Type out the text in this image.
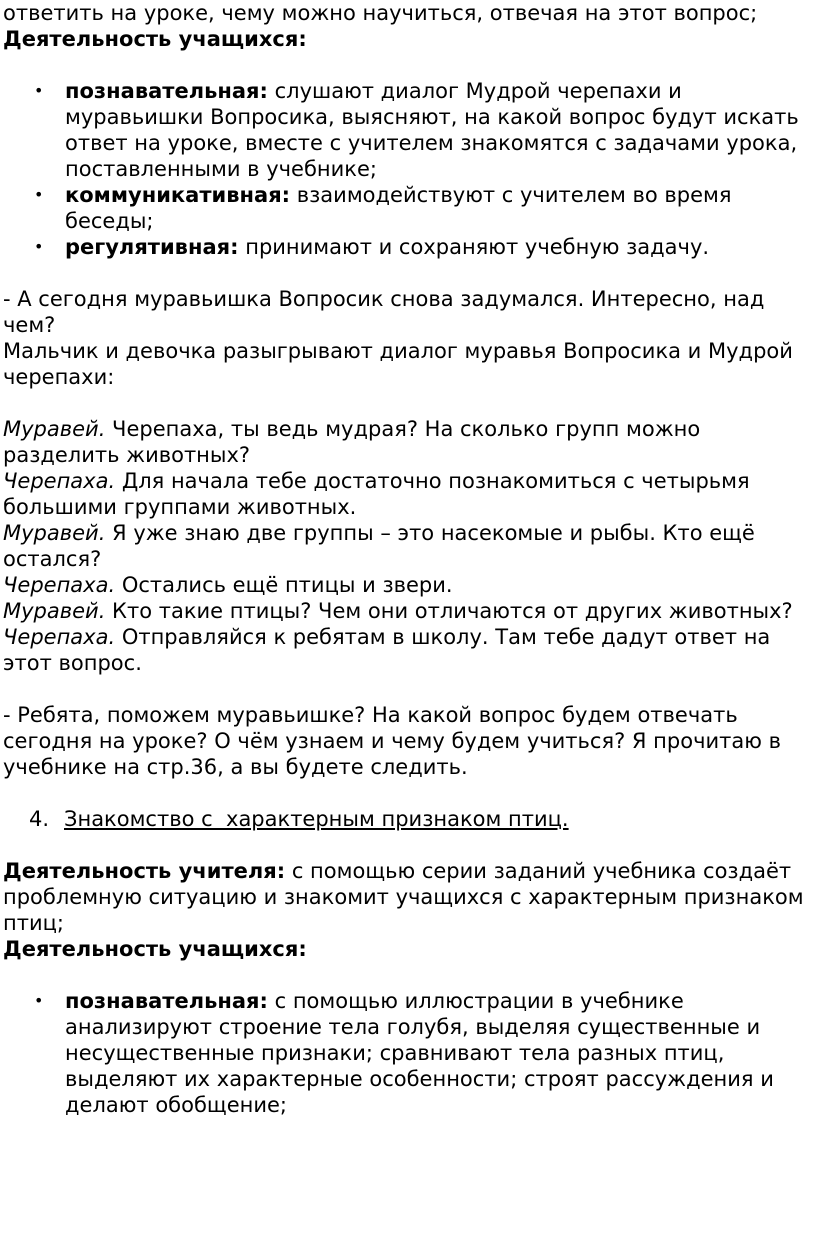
ответить на уроке, чему можно научиться, отвечая на этот вопрос;

Деятельность учащихся:

• познавательная: слушают диалог Мудрой черепахи и муравьишки Вопросика, выясняют, на какой вопрос будут искать ответ на уроке, вместе с учителем знакомятся с задачами урока, поставленными в учебнике;
• коммуникативная: взаимодействуют с учителем во время беседы;
• регулятивная: принимают и сохраняют учебную задачу.

- А сегодня муравьишка Вопросик снова задумался. Интересно, над чем?

Мальчик и девочка разыгрывают диалог муравья Вопросика и Мудрой черепахи:

Муравей. Черепаха, ты ведь мудрая? На сколько групп можно разделить животных?
Черепаха. Для начала тебе достаточно познакомиться с четырьмя большими группами животных.
Муравей. Я уже знаю две группы – это насекомые и рыбы. Кто ещё остался?
Черепаха. Остались ещё птицы и звери.
Муравей. Кто такие птицы? Чем они отличаются от других животных?
Черепаха. Отправляйся к ребятам в школу. Там тебе дадут ответ на этот вопрос.

- Ребята, поможем муравьишке? На какой вопрос будем отвечать сегодня на уроке? О чём узнаем и чему будем учиться? Я прочитаю в учебнике на стр.36, а вы будете следить.

4. Знакомство с  характерным признаком птиц.

Деятельность учителя: с помощью серии заданий учебника создаёт проблемную ситуацию и знакомит учащихся с характерным признаком птиц;

Деятельность учащихся:

• познавательная: с помощью иллюстрации в учебнике анализируют строение тела голубя, выделяя существенные и несущественные признаки; сравнивают тела разных птиц, выделяют их характерные особенности; строят рассуждения и делают обобщение;
